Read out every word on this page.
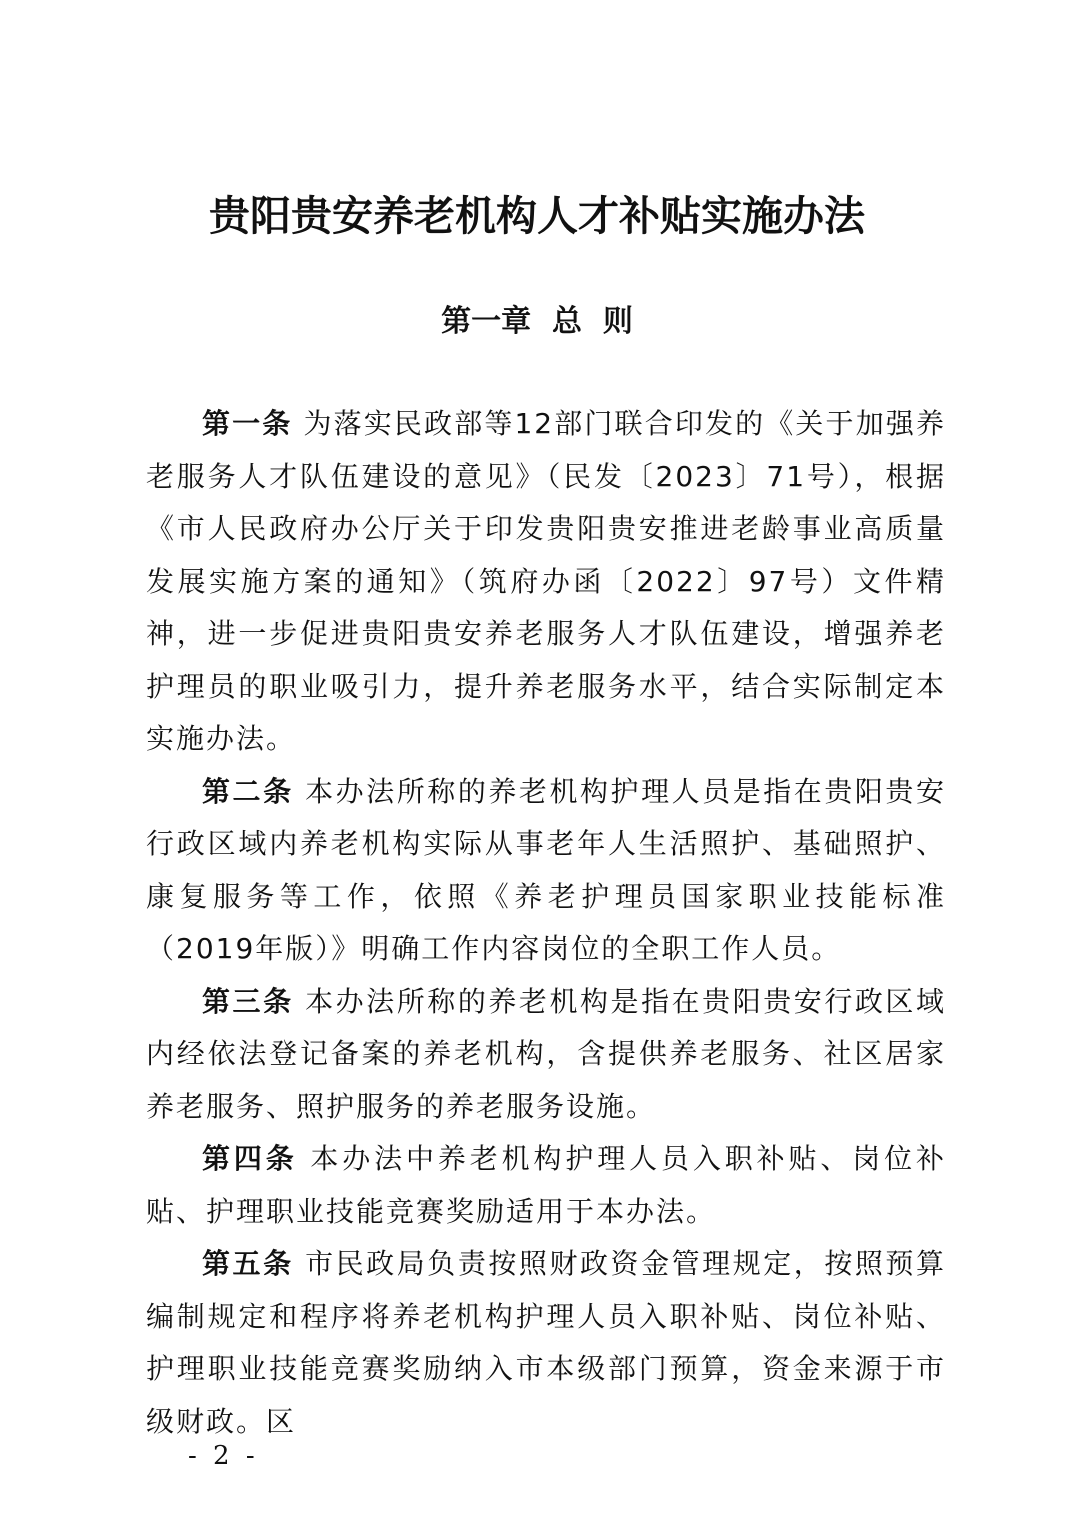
贵阳贵安养老机构人才补贴实施办法
第一章  总  则

第一条 为落实民政部等12部门联合印发的《关于加强养老服务人才队伍建设的意见》（民发〔2023〕71号），根据《市人民政府办公厅关于印发贵阳贵安推进老龄事业高质量发展实施方案的通知》（筑府办函〔2022〕97号）文件精神，进一步促进贵阳贵安养老服务人才队伍建设，增强养老护理员的职业吸引力，提升养老服务水平，结合实际制定本实施办法。

第二条 本办法所称的养老机构护理人员是指在贵阳贵安行政区域内养老机构实际从事老年人生活照护、基础照护、康复服务等工作，依照《养老护理员国家职业技能标准（2019年版）》明确工作内容岗位的全职工作人员。

第三条 本办法所称的养老机构是指在贵阳贵安行政区域内经依法登记备案的养老机构，含提供养老服务、社区居家养老服务、照护服务的养老服务设施。

第四条 本办法中养老机构护理人员入职补贴、岗位补贴、护理职业技能竞赛奖励适用于本办法。

第五条 市民政局负责按照财政资金管理规定，按照预算编制规定和程序将养老机构护理人员入职补贴、岗位补贴、护理职业技能竞赛奖励纳入市本级部门预算，资金来源于市级财政。区

- 2 -
